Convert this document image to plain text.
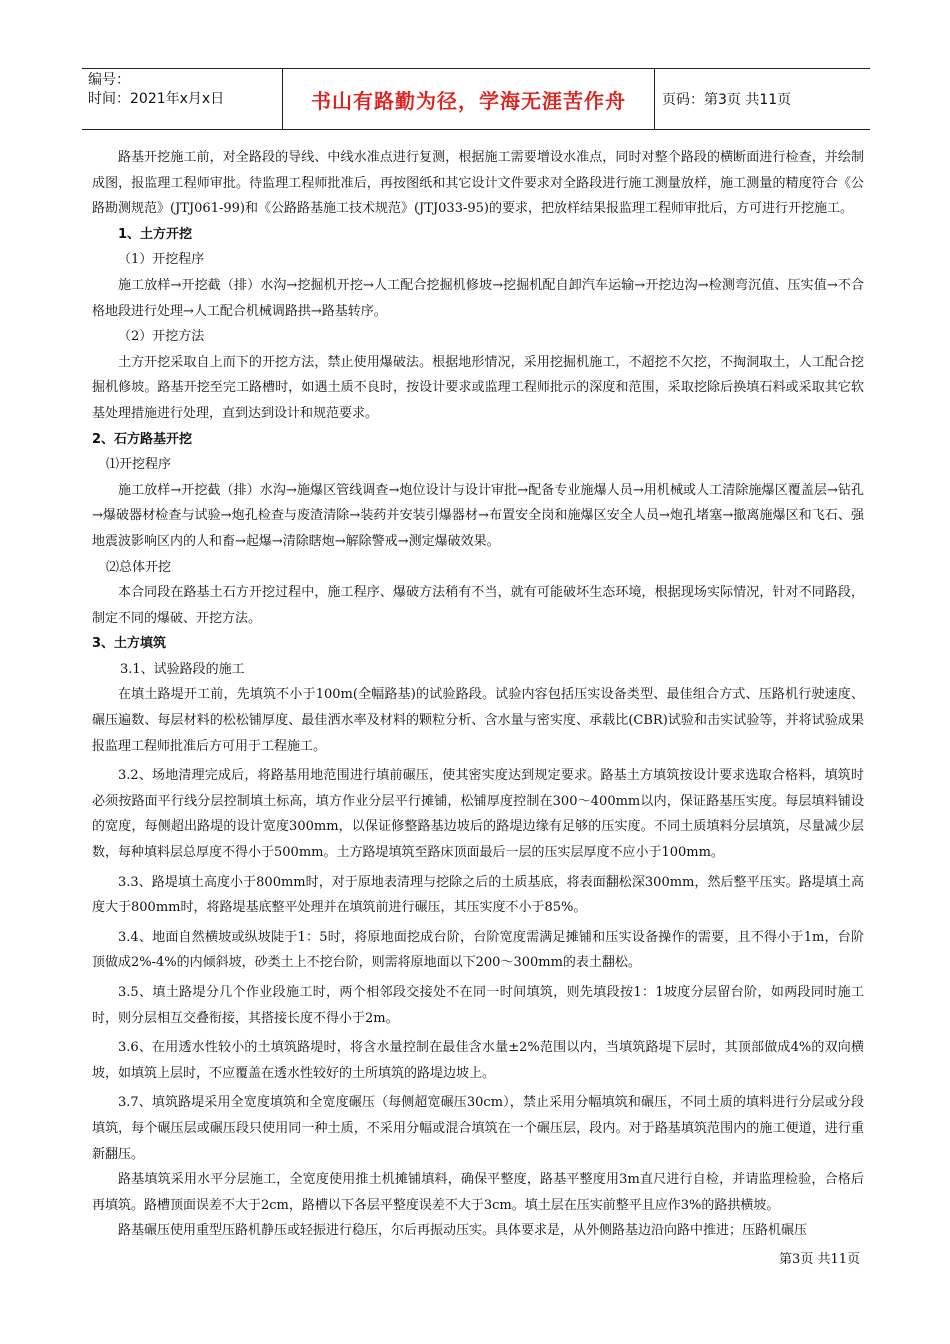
编号：
时间：2021年x月x日	书山有路勤为径，学海无涯苦作舟	页码：第3页 共11页

路基开挖施工前，对全路段的导线、中线水准点进行复测，根据施工需要增设水准点，同时对整个路段的横断面进行检查，并绘制成图，报监理工程师审批。待监理工程师批准后，再按图纸和其它设计文件要求对全路段进行施工测量放样，施工测量的精度符合《公路勘测规范》(JTJ061-99)和《公路路基施工技术规范》(JTJ033-95)的要求，把放样结果报监理工程师审批后，方可进行开挖施工。

1、土方开挖

（1）开挖程序

施工放样→开挖截（排）水沟→挖掘机开挖→人工配合挖掘机修坡→挖掘机配自卸汽车运输→开挖边沟→检测弯沉值、压实值→不合格地段进行处理→人工配合机械调路拱→路基转序。

（2）开挖方法

土方开挖采取自上而下的开挖方法，禁止使用爆破法。根据地形情况，采用挖掘机施工，不超挖不欠挖，不掏洞取土，人工配合挖掘机修坡。路基开挖至完工路槽时，如遇土质不良时，按设计要求或监理工程师批示的深度和范围，采取挖除后换填石料或采取其它软基处理措施进行处理，直到达到设计和规范要求。

2、石方路基开挖

⑴开挖程序

施工放样→开挖截（排）水沟→施爆区管线调查→炮位设计与设计审批→配备专业施爆人员→用机械或人工清除施爆区覆盖层→钻孔→爆破器材检查与试验→炮孔检查与废渣清除→装药并安装引爆器材→布置安全岗和施爆区安全人员→炮孔堵塞→撤离施爆区和飞石、强地震波影响区内的人和畜→起爆→清除瞎炮→解除警戒→测定爆破效果。

⑵总体开挖

本合同段在路基土石方开挖过程中，施工程序、爆破方法稍有不当，就有可能破坏生态环境，根据现场实际情况，针对不同路段，制定不同的爆破、开挖方法。

3、土方填筑

3.1、试验路段的施工

在填土路堤开工前，先填筑不小于100m(全幅路基)的试验路段。试验内容包括压实设备类型、最佳组合方式、压路机行驶速度、碾压遍数、每层材料的松松铺厚度、最佳洒水率及材料的颗粒分析、含水量与密实度、承载比(CBR)试验和击实试验等，并将试验成果报监理工程师批准后方可用于工程施工。

3.2、场地清理完成后，将路基用地范围进行填前碾压，使其密实度达到规定要求。路基土方填筑按设计要求选取合格料，填筑时必须按路面平行线分层控制填土标高，填方作业分层平行摊铺，松铺厚度控制在300～400mm以内，保证路基压实度。每层填料铺设的宽度，每侧超出路堤的设计宽度300mm，以保证修整路基边坡后的路堤边缘有足够的压实度。不同土质填料分层填筑，尽量减少层数，每种填料层总厚度不得小于500mm。土方路堤填筑至路床顶面最后一层的压实层厚度不应小于100mm。

3.3、路堤填土高度小于800mm时，对于原地表清理与挖除之后的土质基底，将表面翻松深300mm，然后整平压实。路堤填土高度大于800mm时，将路堤基底整平处理并在填筑前进行碾压，其压实度不小于85%。

3.4、地面自然横坡或纵坡陡于1：5时，将原地面挖成台阶，台阶宽度需满足摊铺和压实设备操作的需要，且不得小于1m，台阶顶做成2%-4%的内倾斜坡，砂类土上不挖台阶，则需将原地面以下200～300mm的表土翻松。

3.5、填土路堤分几个作业段施工时，两个相邻段交接处不在同一时间填筑，则先填段按1：1坡度分层留台阶，如两段同时施工时，则分层相互交叠衔接，其搭接长度不得小于2m。

3.6、在用透水性较小的土填筑路堤时，将含水量控制在最佳含水量±2%范围以内，当填筑路堤下层时，其顶部做成4%的双向横坡，如填筑上层时，不应覆盖在透水性较好的土所填筑的路堤边坡上。

3.7、填筑路堤采用全宽度填筑和全宽度碾压（每侧超宽碾压30cm），禁止采用分幅填筑和碾压，不同土质的填料进行分层或分段填筑，每个碾压层或碾压段只使用同一种土质，不采用分幅或混合填筑在一个碾压层，段内。对于路基填筑范围内的施工便道，进行重新翻压。

路基填筑采用水平分层施工，全宽度使用推土机摊铺填料，确保平整度，路基平整度用3m直尺进行自检，并请监理检验，合格后再填筑。路槽顶面误差不大于2cm，路槽以下各层平整度误差不大于3cm。填土层在压实前整平且应作3%的路拱横坡。

路基碾压使用重型压路机静压或轻振进行稳压，尔后再振动压实。具体要求是，从外侧路基边沿向路中推进；压路机碾压

第3页 共11页
